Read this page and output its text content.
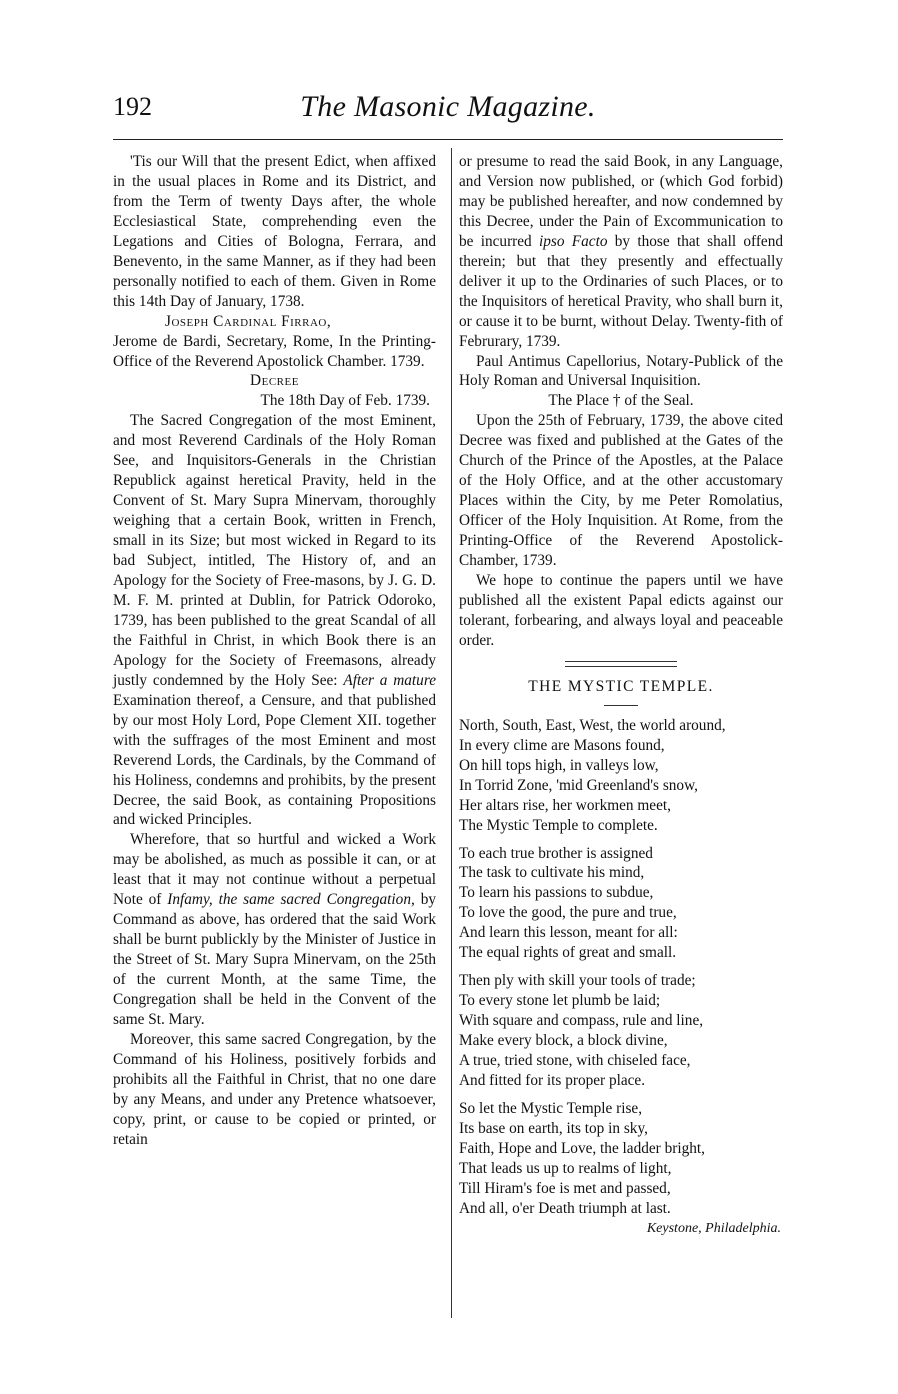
The Masonic Magazine.
192

'Tis our Will that the present Edict, when affixed in the usual places in Rome and its District, and from the Term of twenty Days after, the whole Ecclesiastical State, comprehending even the Legations and Cities of Bologna, Ferrara, and Benevento, in the same Manner, as if they had been personally notified to each of them. Given in Rome this 14th Day of January, 1738.

Joseph Cardinal Firrao,

Jerome de Bardi, Secretary, Rome, In the Printing-Office of the Reverend Apostolick Chamber. 1739.

Decree

The 18th Day of Feb. 1739.

The Sacred Congregation of the most Eminent, and most Reverend Cardinals of the Holy Roman See, and Inquisitors-Generals in the Christian Republick against heretical Pravity, held in the Convent of St. Mary Supra Minervam, thoroughly weighing that a certain Book, written in French, small in its Size; but most wicked in Regard to its bad Subject, intitled, The History of, and an Apology for the Society of Free-masons, by J. G. D. M. F. M. printed at Dublin, for Patrick Odoroko, 1739, has been published to the great Scandal of all the Faithful in Christ, in which Book there is an Apology for the Society of Freemasons, already justly condemned by the Holy See: After a mature Examination thereof, a Censure, and that published by our most Holy Lord, Pope Clement XII. together with the suffrages of the most Eminent and most Reverend Lords, the Cardinals, by the Command of his Holiness, condemns and prohibits, by the present Decree, the said Book, as containing Propositions and wicked Principles.

Wherefore, that so hurtful and wicked a Work may be abolished, as much as possible it can, or at least that it may not continue without a perpetual Note of Infamy, the same sacred Congregation, by Command as above, has ordered that the said Work shall be burnt publickly by the Minister of Justice in the Street of St. Mary Supra Minervam, on the 25th of the current Month, at the same Time, the Congregation shall be held in the Convent of the same St. Mary.

Moreover, this same sacred Congregation, by the Command of his Holiness, positively forbids and prohibits all the Faithful in Christ, that no one dare by any Means, and under any Pretence whatsoever, copy, print, or cause to be copied or printed, or retain

or presume to read the said Book, in any Language, and Version now published, or (which God forbid) may be published hereafter, and now condemned by this Decree, under the Pain of Excommunication to be incurred ipso Facto by those that shall offend therein; but that they presently and effectually deliver it up to the Ordinaries of such Places, or to the Inquisitors of heretical Pravity, who shall burn it, or cause it to be burnt, without Delay. Twenty-fith of Februrary, 1739.

Paul Antimus Capellorius, Notary-Publick of the Holy Roman and Universal Inquisition.

The Place † of the Seal.

Upon the 25th of February, 1739, the above cited Decree was fixed and published at the Gates of the Church of the Prince of the Apostles, at the Palace of the Holy Office, and at the other accustomary Places within the City, by me Peter Romolatius, Officer of the Holy Inquisition. At Rome, from the Printing-Office of the Reverend Apostolick-Chamber, 1739.

We hope to continue the papers until we have published all the existent Papal edicts against our tolerant, forbearing, and always loyal and peaceable order.

THE MYSTIC TEMPLE.

North, South, East, West, the world around,
In every clime are Masons found,
On hill tops high, in valleys low,
In Torrid Zone, 'mid Greenland's snow,
Her altars rise, her workmen meet,
The Mystic Temple to complete.
To each true brother is assigned
The task to cultivate his mind,
To learn his passions to subdue,
To love the good, the pure and true,
And learn this lesson, meant for all:
The equal rights of great and small.
Then ply with skill your tools of trade;
To every stone let plumb be laid;
With square and compass, rule and line,
Make every block, a block divine,
A true, tried stone, with chiseled face,
And fitted for its proper place.
So let the Mystic Temple rise,
Its base on earth, its top in sky,
Faith, Hope and Love, the ladder bright,
That leads us up to realms of light,
Till Hiram's foe is met and passed,
And all, o'er Death triumph at last.

Keystone, Philadelphia.
